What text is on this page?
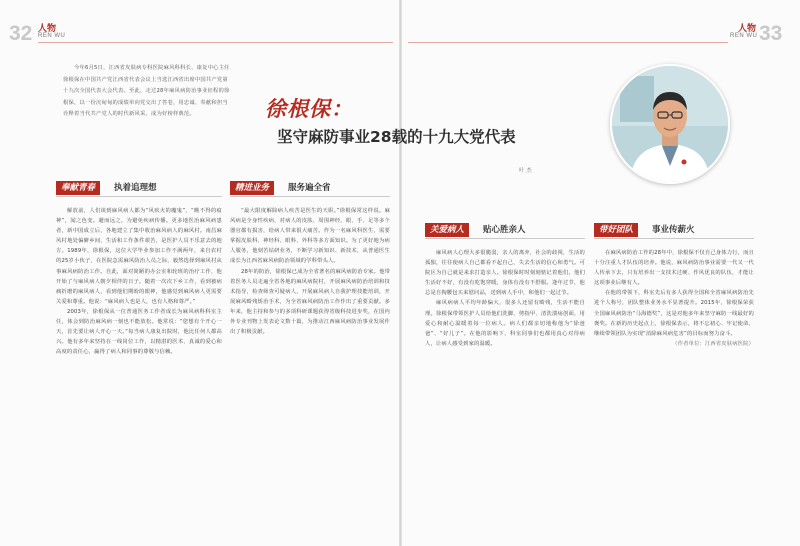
32 人物
REN WU	33
人物
REN WU
今年6月5日，江西省皮肤病专科医院麻风科科长、康复中心主任徐根保在中国共产党江西省代表会议上当选江西省出席中国共产党第十九次全国代表大会代表。至此，走过28年麻风病防治事业征程的徐根保，以一份沉甸甸的成绩单向党交出了答卷，用忠诚、奉献和担当诠释着当代共产党人的时代新风采，成为好榜样典范。	徐根保：
坚守麻防事业28载的十九大党代表
叶 杰
奉献青春	执着追理想

解放前，人们谈到麻风病人都为“风疚火的魔鬼”，“瞧不得的瘟神”，闻之色变。避而远之，为避免疾病传播。更多地医治麻风病患者，新中国成立后，各地建立了集中收治麻风病人的麻风村。南昌麻风村地处偏僻乡间，生活和工作条件艰苦，是医护人员不乐意去的地方。1989年，徐根保，这位大学毕业参加工作不满两年，来自农村的25岁小伙子，在医院急需麻风防治人员之际，毅然选择到麻风村从事麻风病防治工作。自此，面对简陋的办公室和轮班的治疗工作，他开始了与麻风病人朝夕相伴的日子。随着一次次下乡工作，看到被病痛折磨的麻风病人，看到他们期盼的眼神，他感觉到麻风病人更需要关爱和尊重。他说：“麻风病人也是人，也有人格和尊严。”

2003年，徐根保从一位普通医务工作者成长为麻风病科科室主任，体会到防治麻风病一刻也不能放松。他常说：“您想有个开心一天，首先要让病人开心一天。”每当病人康复出院时，他比任何人都高兴。他有多年来坚持在一线岗位工作，以精湛的医术、真诚的爱心和高度的责任心，赢得了病人和同事的尊敬与信赖。

精进业务	服务遍全省

“最大限度解除病人疾苦是医生的天职。”徐根保常这样说。麻风病是全身性疾病，对病人的皮肤、周围神经、眼、手、足等多个器官都有损害，给病人带来很大痛苦。作为一名麻风科医生，需要掌握皮肤科、神经科、眼科、外科等多方面知识。为了更好地为病人服务，他刻苦钻研业务，不断学习新知识、新技术，从普通医生成长为江西省麻风病防治领域的学科带头人。

28年的防治，徐根保已成为全省著名的麻风病防治专家。他带着医务人员走遍全省各地的麻风病院村，开展麻风病防治培训和技术指导，检查筛查可疑病人，开展麻风病人自我护理技能培训，开展麻风畸残矫治手术，为全省麻风病防治工作作出了重要贡献。多年来，他主持和参与的多项科研课题获得省级科技进步奖，在国内外专业刊物上发表论文数十篇，为推动江西麻风病防治事业发展作出了积极贡献。

关爱病人	贴心胜亲人

麻风病人心理大多很脆弱，亲人的离弃，社会的歧视，生活的孤独，往往使病人自己都看不起自己，失去生活的信心和勇气。可院区为自己就是来求打造亲人。徐根保时时刻刻惦记着他们，他们生活好不好，有没有吃饱穿暖，身体有没有不舒服。逢年过节，他总是自掏腰包买来慰问品，送到病人手中，和他们一起过节。

麻风病病人平均年龄偏大，很多人还留有畸残，生活不能自理。徐根保带领医护人员给他们洗脚、剪指甲、清洗溃疡创面，用爱心和耐心温暖着每一位病人。病人们都亲切地称他为“徐爸爸”、“好儿子”。在他的影响下，科室同事们也都用真心对待病人，让病人感受到家的温暖。

带好团队	事业传薪火

在麻风病防治工作的28年中，徐根保不仅自己身体力行，而且十分注重人才队伍的培养。他说，麻风病防治事业需要一代又一代人传承下去，只有培养出一支技术过硬、作风优良的队伍，才能让这项事业后继有人。

在他的带领下，科室先后有多人获得全国和全省麻风病防治先进个人称号，团队整体业务水平显著提升。2015年，徐根保荣获全国麻风病防治“马海德奖”，这是对他多年来坚守麻防一线最好的褒奖。在新的历史起点上，徐根保表示，将不忘初心、牢记使命，继续带领团队为实现“消除麻风病危害”的目标而努力奋斗。

（作者单位：江西省皮肤病医院）
